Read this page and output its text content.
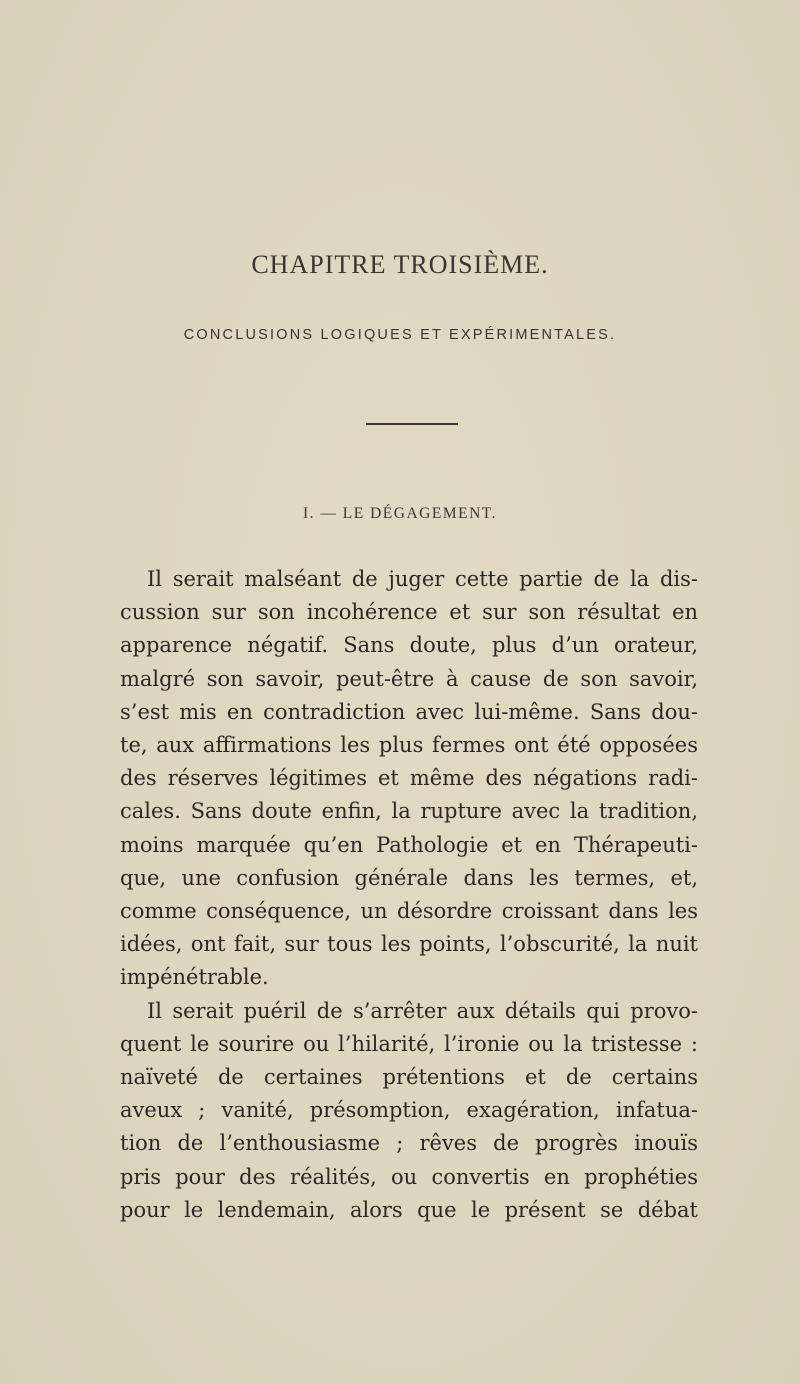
CHAPITRE TROISIÈME.
CONCLUSIONS LOGIQUES ET EXPÉRIMENTALES.
I. — LE DÉGAGEMENT.
Il serait malséant de juger cette partie de la dis-
cussion sur son incohérence et sur son résultat en
apparence négatif. Sans doute, plus d’un orateur,
malgré son savoir, peut-être à cause de son savoir,
s’est mis en contradiction avec lui-même. Sans dou-
te, aux affirmations les plus fermes ont été opposées
des réserves légitimes et même des négations radi-
cales. Sans doute enfin, la rupture avec la tradition,
moins marquée qu’en Pathologie et en Thérapeuti-
que, une confusion générale dans les termes, et,
comme conséquence, un désordre croissant dans les
idées, ont fait, sur tous les points, l’obscurité, la nuit
impénétrable.
Il serait puéril de s’arrêter aux détails qui provo-
quent le sourire ou l’hilarité, l’ironie ou la tristesse :
naïveté de certaines prétentions et de certains
aveux ; vanité, présomption, exagération, infatua-
tion de l’enthousiasme ; rêves de progrès inouïs
pris pour des réalités, ou convertis en prophéties
pour le lendemain, alors que le présent se débat
